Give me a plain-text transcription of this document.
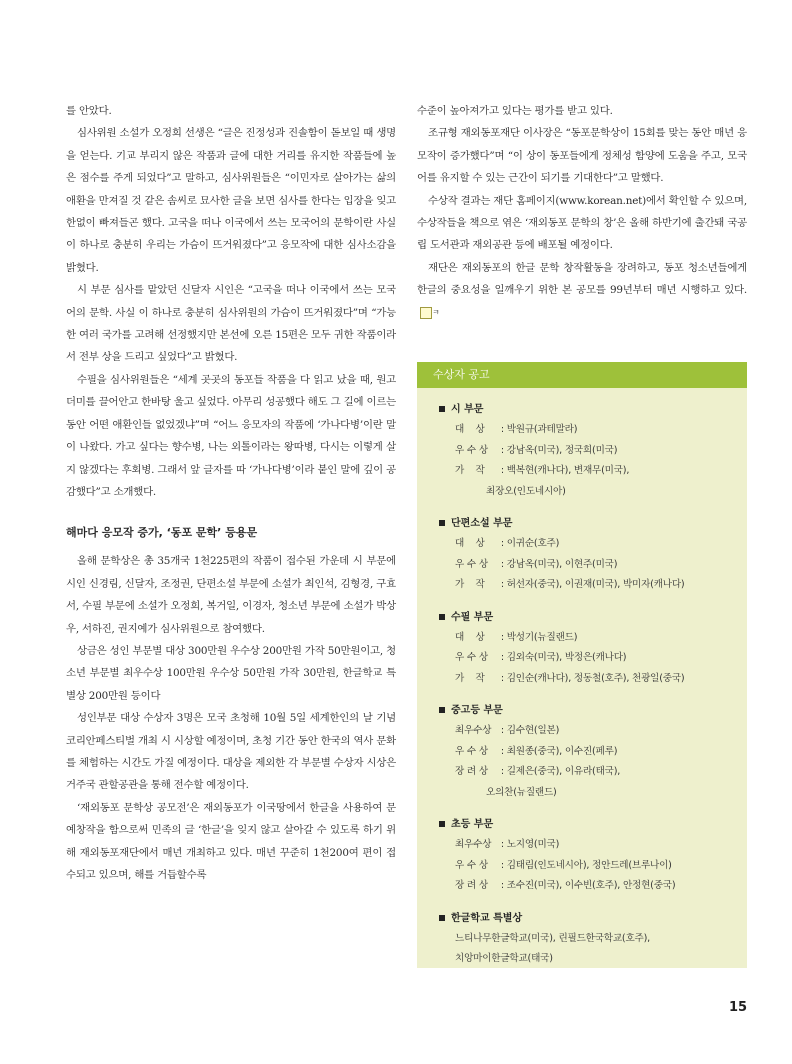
를 안았다.

심사위원 소설가 오정희 선생은 “글은 진정성과 진솔함이 돋보일 때 생명을 얻는다. 기교 부리지 않은 작품과 글에 대한 거리를 유지한 작품들에 높은 점수를 주게 되었다”고 말하고, 심사위원들은 “이민자로 살아가는 삶의 애환을 만져질 것 같은 솜씨로 묘사한 글을 보면 심사를 한다는 입장을 잊고 한없이 빠져들곤 했다. 고국을 떠나 이국에서 쓰는 모국어의 문학이란 사실 이 하나로 충분히 우리는 가슴이 뜨거워졌다”고 응모작에 대한 심사소감을 밝혔다.

시 부문 심사를 맡았던 신달자 시인은 “고국을 떠나 이국에서 쓰는 모국어의 문학. 사실 이 하나로 충분히 심사위원의 가슴이 뜨거워졌다”며 “가능한 여러 국가를 고려해 선정했지만 본선에 오른 15편은 모두 귀한 작품이라서 전부 상을 드리고 싶었다”고 밝혔다.

수필을 심사위원들은 “세계 곳곳의 동포들 작품을 다 읽고 났을 때, 원고 더미를 끌어안고 한바탕 울고 싶었다. 아무리 성공했다 해도 그 길에 이르는 동안 어떤 애환인들 없었겠냐”며 “어느 응모자의 작품에 ‘가나다병’이란 말이 나왔다. 가고 싶다는 향수병, 나는 외톨이라는 왕따병, 다시는 이렇게 살지 않겠다는 후회병. 그래서 앞 글자를 따 ‘가나다병’이라 붙인 말에 깊이 공감했다”고 소개했다.

해마다 응모작 증가, ‘동포 문학’ 등용문

올해 문학상은 총 35개국 1천225편의 작품이 접수된 가운데 시 부문에 시인 신경림, 신달자, 조정권, 단편소설 부문에 소설가 최인석, 김형경, 구효서, 수필 부문에 소설가 오정희, 복거일, 이경자, 청소년 부문에 소설가 박상우, 서하진, 권지예가 심사위원으로 참여했다.

상금은 성인 부문별 대상 300만원 우수상 200만원 가작 50만원이고, 청소년 부문별 최우수상 100만원 우수상 50만원 가작 30만원, 한글학교 특별상 200만원 등이다

성인부문 대상 수상자 3명은 모국 초청해 10월 5일 세계한인의 날 기념 코리안페스티벌 개최 시 시상할 예정이며, 초청 기간 동안 한국의 역사 문화를 체험하는 시간도 가질 예정이다. 대상을 제외한 각 부문별 수상자 시상은 거주국 관할공관을 통해 전수할 예정이다.

‘재외동포 문학상 공모전’은 재외동포가 이국땅에서 한글을 사용하여 문예창작을 함으로써 민족의 글 ‘한글’을 잊지 않고 살아갈 수 있도록 하기 위해 재외동포재단에서 매년 개최하고 있다. 매년 꾸준히 1천200여 편이 접수되고 있으며, 해를 거듭할수록

수준이 높아져가고 있다는 평가를 받고 있다.

조규형 재외동포재단 이사장은 “동포문학상이 15회를 맞는 동안 매년 응모작이 증가했다”며 “이 상이 동포들에게 정체성 함양에 도움을 주고, 모국어를 유지할 수 있는 근간이 되기를 기대한다”고 말했다.

수상작 결과는 재단 홈페이지(www.korean.net)에서 확인할 수 있으며, 수상작들을 책으로 엮은 ‘재외동포 문학의 창’은 올해 하반기에 출간돼 국공립 도서관과 재외공관 등에 배포될 예정이다.

재단은 재외동포의 한글 문학 창작활동을 장려하고, 동포 청소년들에게 한글의 중요성을 일깨우기 위한 본 공모를 99년부터 매년 시행하고 있다.ㅋ

수상자 공고
시 부문
대    상 : 박원규(과테말라)
우 수 상 : 강남옥(미국), 정국희(미국)
가    작 : 백복현(캐나다), 변재무(미국),
최장오(인도네시아)
단편소설 부문
대    상 : 이귀순(호주)
우 수 상 : 강남옥(미국), 이현주(미국)
가    작 : 허선자(중국), 이권재(미국), 박미자(캐나다)
수필 부문
대    상 : 박성기(뉴질랜드)
우 수 상 : 김외숙(미국), 박정은(캐나다)
가    작 : 김인순(캐나다), 정동철(호주), 천광일(중국)
중고등 부문
최우수상 : 김수현(일본)
우 수 상 : 최원종(중국), 이수진(페루)
장 려 상 : 길제은(중국), 이유라(태국),
오의찬(뉴질랜드)
초등 부문
최우수상 : 노지영(미국)
우 수 상 : 김태림(인도네시아), 정안드레(브루나이)
장 려 상 : 조수진(미국), 이수빈(호주), 안정현(중국)
한글학교 특별상
느티나무한글학교(미국), 린필드한국학교(호주),
치앙마이한글학교(태국)
15
